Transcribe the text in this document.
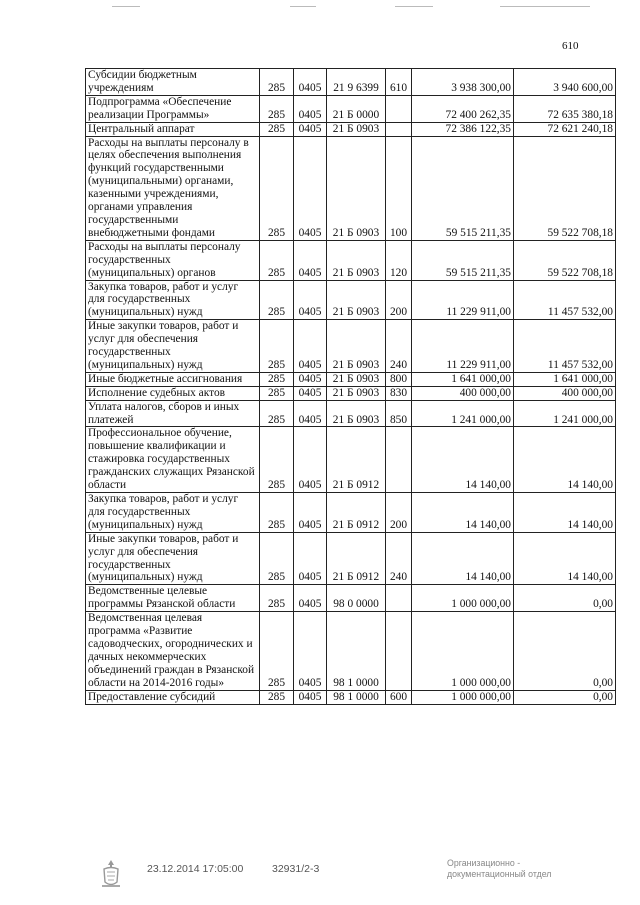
610
Субсидии бюджетным учреждениям	285	0405	21 9 6399	610	3 938 300,00	3 940 600,00
Подпрограмма «Обеспечение реализации Программы»	285	0405	21 Б 0000		72 400 262,35	72 635 380,18
Центральный аппарат	285	0405	21 Б 0903		72 386 122,35	72 621 240,18
Расходы на выплаты персоналу в целях обеспечения выполнения функций государственными (муниципальными) органами, казенными учреждениями, органами управления государственными внебюджетными фондами	285	0405	21 Б 0903	100	59 515 211,35	59 522 708,18
Расходы на выплаты персоналу государственных (муниципальных) органов	285	0405	21 Б 0903	120	59 515 211,35	59 522 708,18
Закупка товаров, работ и услуг для государственных (муниципальных) нужд	285	0405	21 Б 0903	200	11 229 911,00	11 457 532,00
Иные закупки товаров, работ и услуг для обеспечения государственных (муниципальных) нужд	285	0405	21 Б 0903	240	11 229 911,00	11 457 532,00
Иные бюджетные ассигнования	285	0405	21 Б 0903	800	1 641 000,00	1 641 000,00
Исполнение судебных актов	285	0405	21 Б 0903	830	400 000,00	400 000,00
Уплата налогов, сборов и иных платежей	285	0405	21 Б 0903	850	1 241 000,00	1 241 000,00
Профессиональное обучение, повышение квалификации и стажировка государственных гражданских служащих Рязанской области	285	0405	21 Б 0912		14 140,00	14 140,00
Закупка товаров, работ и услуг для государственных (муниципальных) нужд	285	0405	21 Б 0912	200	14 140,00	14 140,00
Иные закупки товаров, работ и услуг для обеспечения государственных (муниципальных) нужд	285	0405	21 Б 0912	240	14 140,00	14 140,00
Ведомственные целевые программы Рязанской области	285	0405	98 0 0000		1 000 000,00	0,00
Ведомственная целевая программа «Развитие садоводческих, огороднических и дачных некоммерческих объединений граждан в Рязанской области на 2014-2016 годы»	285	0405	98 1 0000		1 000 000,00	0,00
Предоставление субсидий	285	0405	98 1 0000	600	1 000 000,00	0,00
23.12.2014 17:05:00	32931/2-3	Организационно -
документационный отдел
